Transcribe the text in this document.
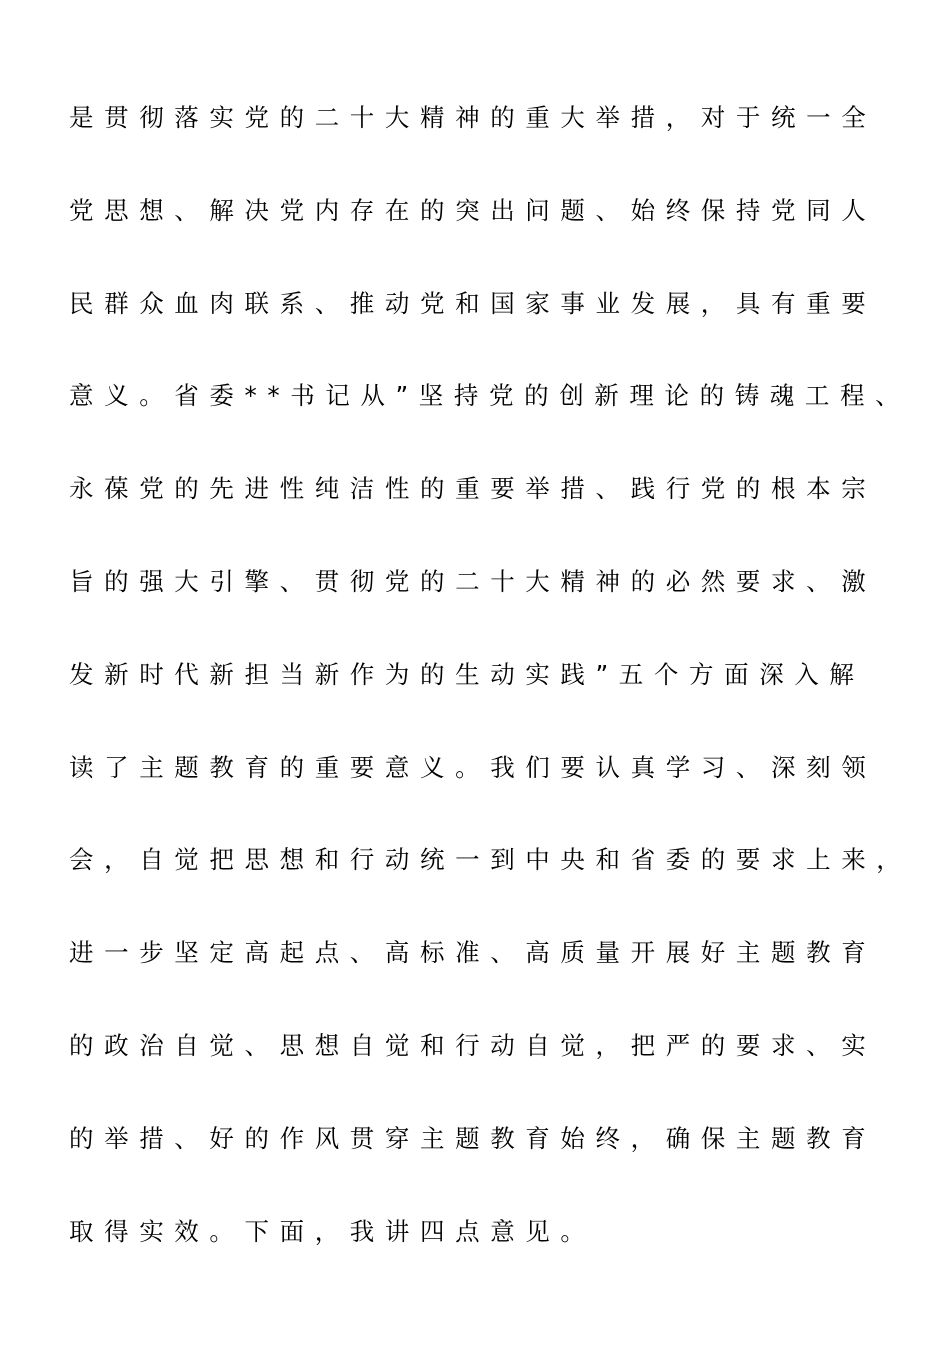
是贯彻落实党的二十大精神的重大举措，对于统一全
党思想、解决党内存在的突出问题、始终保持党同人
民群众血肉联系、推动党和国家事业发展，具有重要
意义。省委**书记从”坚持党的创新理论的铸魂工程、
永葆党的先进性纯洁性的重要举措、践行党的根本宗
旨的强大引擎、贯彻党的二十大精神的必然要求、激
发新时代新担当新作为的生动实践”五个方面深入解
读了主题教育的重要意义。我们要认真学习、深刻领
会，自觉把思想和行动统一到中央和省委的要求上来，
进一步坚定高起点、高标准、高质量开展好主题教育
的政治自觉、思想自觉和行动自觉，把严的要求、实
的举措、好的作风贯穿主题教育始终，确保主题教育
取得实效。下面，我讲四点意见。
